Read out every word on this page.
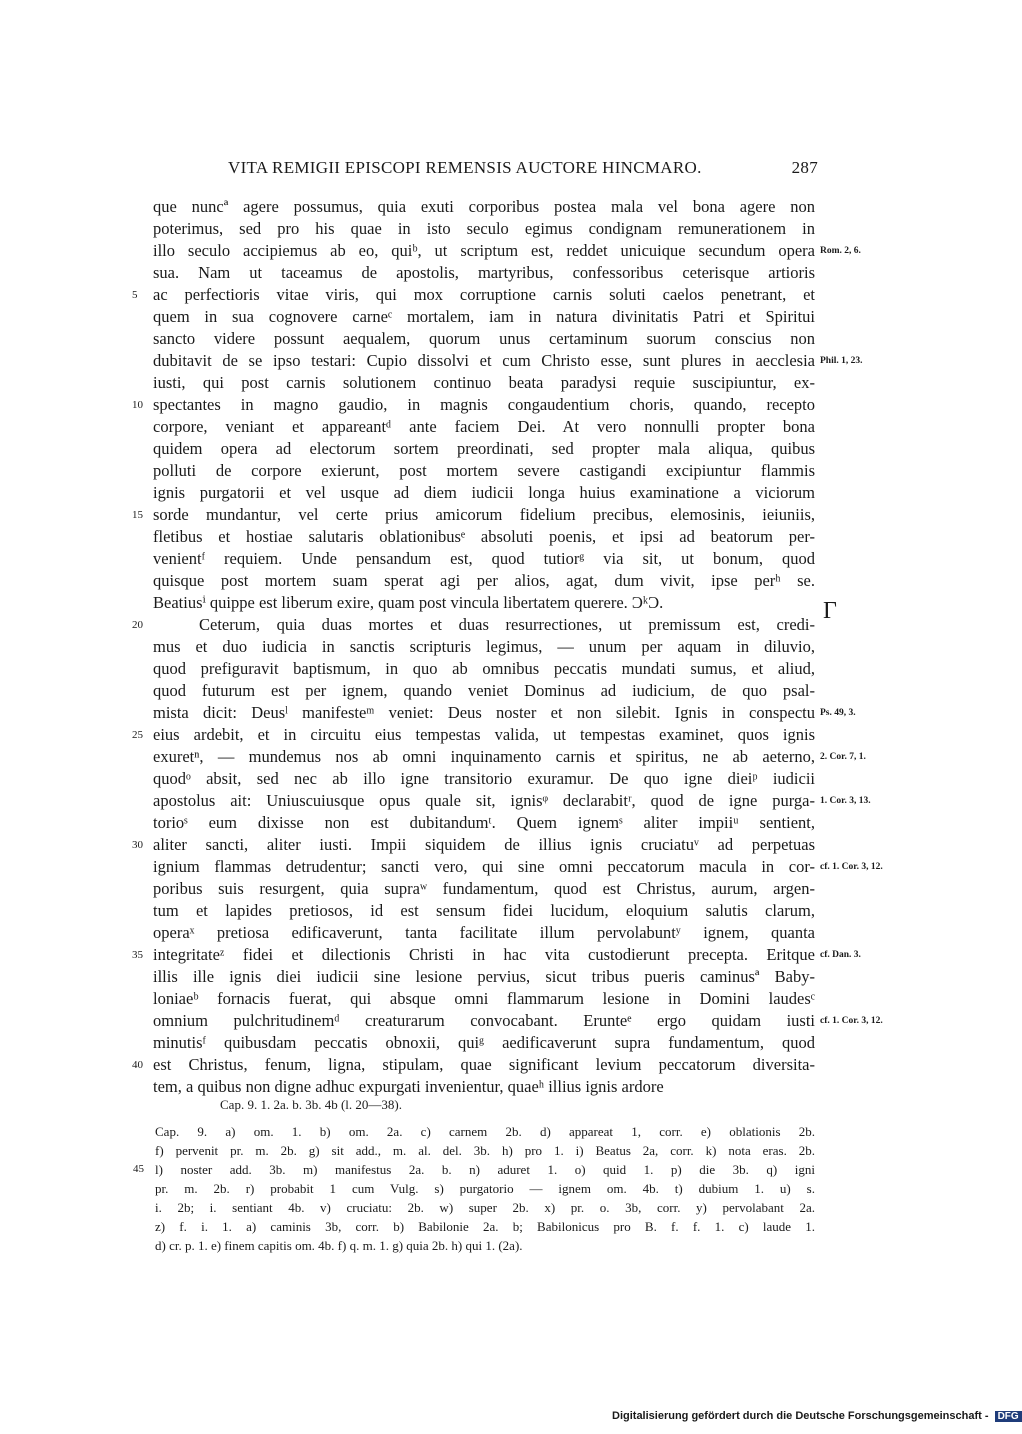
VITA REMIGII EPISCOPI REMENSIS AUCTORE HINCMARO.	287
que nuncª agere possumus, quia exuti corporibus postea mala vel bona agere non
poterimus, sed pro his quae in isto seculo egimus condignam remunerationem in
illo seculo accipiemus ab eo, quiᵇ, ut scriptum est, reddet unicuique secundum opera
sua. Nam ut taceamus de apostolis, martyribus, confessoribus ceterisque artioris
ac perfectioris vitae viris, qui mox corruptione carnis soluti caelos penetrant, et
quem in sua cognovere carneᶜ mortalem, iam in natura divinitatis Patri et Spiritui
sancto videre possunt aequalem, quorum unus certaminum suorum conscius non
dubitavit de se ipso testari: Cupio dissolvi et cum Christo esse, sunt plures in aecclesia
iusti, qui post carnis solutionem continuo beata paradysi requie suscipiuntur, ex-
spectantes in magno gaudio, in magnis congaudentium choris, quando, recepto
corpore, veniant et appareantᵈ ante faciem Dei. At vero nonnulli propter bona
quidem opera ad electorum sortem preordinati, sed propter mala aliqua, quibus
polluti de corpore exierunt, post mortem severe castigandi excipiuntur flammis
ignis purgatorii et vel usque ad diem iudicii longa huius examinatione a viciorum
sorde mundantur, vel certe prius amicorum fidelium precibus, elemosinis, ieiuniis,
fletibus et hostiae salutaris oblationibusᵉ absoluti poenis, et ipsi ad beatorum per-
venientᶠ requiem. Unde pensandum est, quod tutiorᵍ via sit, ut bonum, quod
quisque post mortem suam sperat agi per alios, agat, dum vivit, ipse perʰ se.
Beatiusⁱ quippe est liberum exire, quam post vincula libertatem querere. ϽᵏϽ.
Ceterum, quia duas mortes et duas resurrectiones, ut premissum est, credi-
mus et duo iudicia in sanctis scripturis legimus, — unum per aquam in diluvio,
quod prefiguravit baptismum, in quo ab omnibus peccatis mundati sumus, et aliud,
quod futurum est per ignem, quando veniet Dominus ad iudicium, de quo psal-
mista dicit: Deusˡ manifesteᵐ veniet: Deus noster et non silebit. Ignis in conspectu
eius ardebit, et in circuitu eius tempestas valida, ut tempestas examinet, quos ignis
exuretⁿ, — mundemus nos ab omni inquinamento carnis et spiritus, ne ab aeterno,
quodᵒ absit, sed nec ab illo igne transitorio exuramur. De quo igne dieiᵖ iudicii
apostolus ait: Uniuscuiusque opus quale sit, ignisᵠ declarabitʳ, quod de igne purga-
torioˢ eum dixisse non est dubitandumᵗ. Quem ignemˢ aliter impiiᵘ sentient,
aliter sancti, aliter iusti. Impii siquidem de illius ignis cruciatuᵛ ad perpetuas
ignium flammas detrudentur; sancti vero, qui sine omni peccatorum macula in cor-
poribus suis resurgent, quia supraʷ fundamentum, quod est Christus, aurum, argen-
tum et lapides pretiosos, id est sensum fidei lucidum, eloquium salutis clarum,
operaˣ pretiosa edificaverunt, tanta facilitate illum pervolabuntʸ ignem, quanta
integritateᶻ fidei et dilectionis Christi in hac vita custodierunt precepta. Eritque
illis ille ignis diei iudicii sine lesione pervius, sicut tribus pueris caminusª Baby-
loniaeᵇ fornacis fuerat, qui absque omni flammarum lesione in Domini laudesᶜ
omnium pulchritudinemᵈ creaturarum convocabant. Erunteᵉ ergo quidam iusti
minutisᶠ quibusdam peccatis obnoxii, quiᵍ aedificaverunt supra fundamentum, quod
est Christus, fenum, ligna, stipulam, quae significant levium peccatorum diversita-
tem, a quibus non digne adhuc expurgati invenientur, quaeʰ illius ignis ardore
5
10
15
20
25
30
35
40
Rom. 2, 6.
Phil. 1, 23.
Ps. 49, 3.
2. Cor. 7, 1.
1. Cor. 3, 13.
cf. 1. Cor. 3, 12.
cf. Dan. 3.
cf. 1. Cor. 3, 12.
Γ
Cap. 9. 1. 2a. b. 3b. 4b (l. 20—38).
Cap. 9. a) om. 1. b) om. 2a. c) carnem 2b. d) appareat 1, corr. e) oblationis 2b.
f) pervenit pr. m. 2b. g) sit add., m. al. del. 3b. h) pro 1. i) Beatus 2a, corr. k) nota eras. 2b.
l) noster add. 3b. m) manifestus 2a. b. n) aduret 1. o) quid 1. p) die 3b. q) igni
pr. m. 2b. r) probabit 1 cum Vulg. s) purgatorio — ignem om. 4b. t) dubium 1. u) s.
i. 2b; i. sentiant 4b. v) cruciatu: 2b. w) super 2b. x) pr. o. 3b, corr. y) pervolabant 2a.
z) f. i. 1. a) caminis 3b, corr. b) Babilonie 2a. b; Babilonicus pro B. f. f. 1. c) laude 1.
d) cr. p. 1. e) finem capitis om. 4b. f) q. m. 1. g) quia 2b. h) qui 1. (2a).
45
Digitalisierung gefördert durch die Deutsche Forschungsgemeinschaft - DFG
